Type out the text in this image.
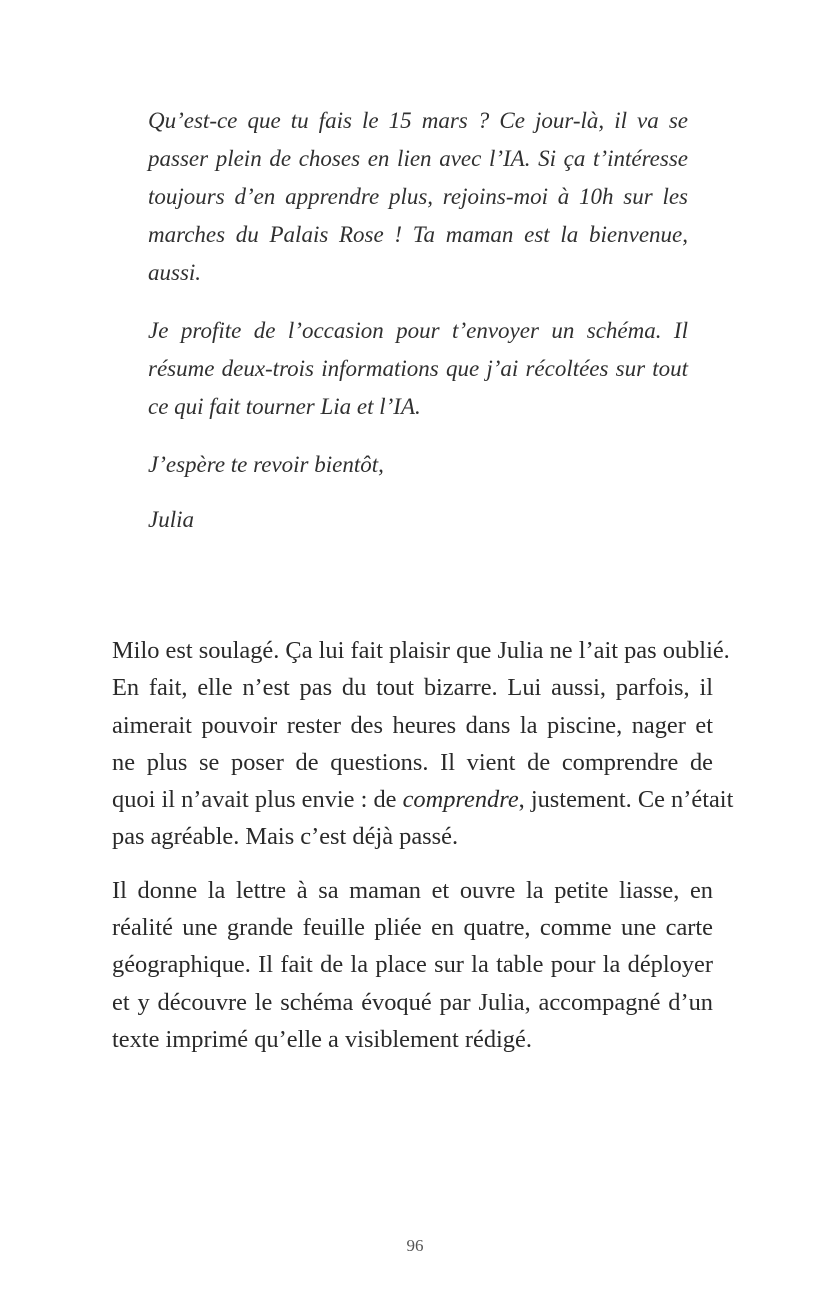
Qu’est-ce que tu fais le 15 mars ? Ce jour-là, il va se
passer plein de choses en lien avec l’IA. Si ça t’intéresse
toujours d’en apprendre plus, rejoins-moi à 10h sur les
marches du Palais Rose ! Ta maman est la bienvenue,
aussi.

Je profite de l’occasion pour t’envoyer un schéma. Il
résume deux-trois informations que j’ai récoltées sur tout
ce qui fait tourner Lia et l’IA.

J’espère te revoir bientôt,

Julia

Milo est soulagé. Ça lui fait plaisir que Julia ne l’ait pas oublié.
En fait, elle n’est pas du tout bizarre. Lui aussi, parfois, il
aimerait pouvoir rester des heures dans la piscine, nager et
ne plus se poser de questions. Il vient de comprendre de
quoi il n’avait plus envie : de comprendre, justement. Ce n’était
pas agréable. Mais c’est déjà passé.

Il donne la lettre à sa maman et ouvre la petite liasse, en
réalité une grande feuille pliée en quatre, comme une carte
géographique. Il fait de la place sur la table pour la déployer
et y découvre le schéma évoqué par Julia, accompagné d’un
texte imprimé qu’elle a visiblement rédigé.

96
